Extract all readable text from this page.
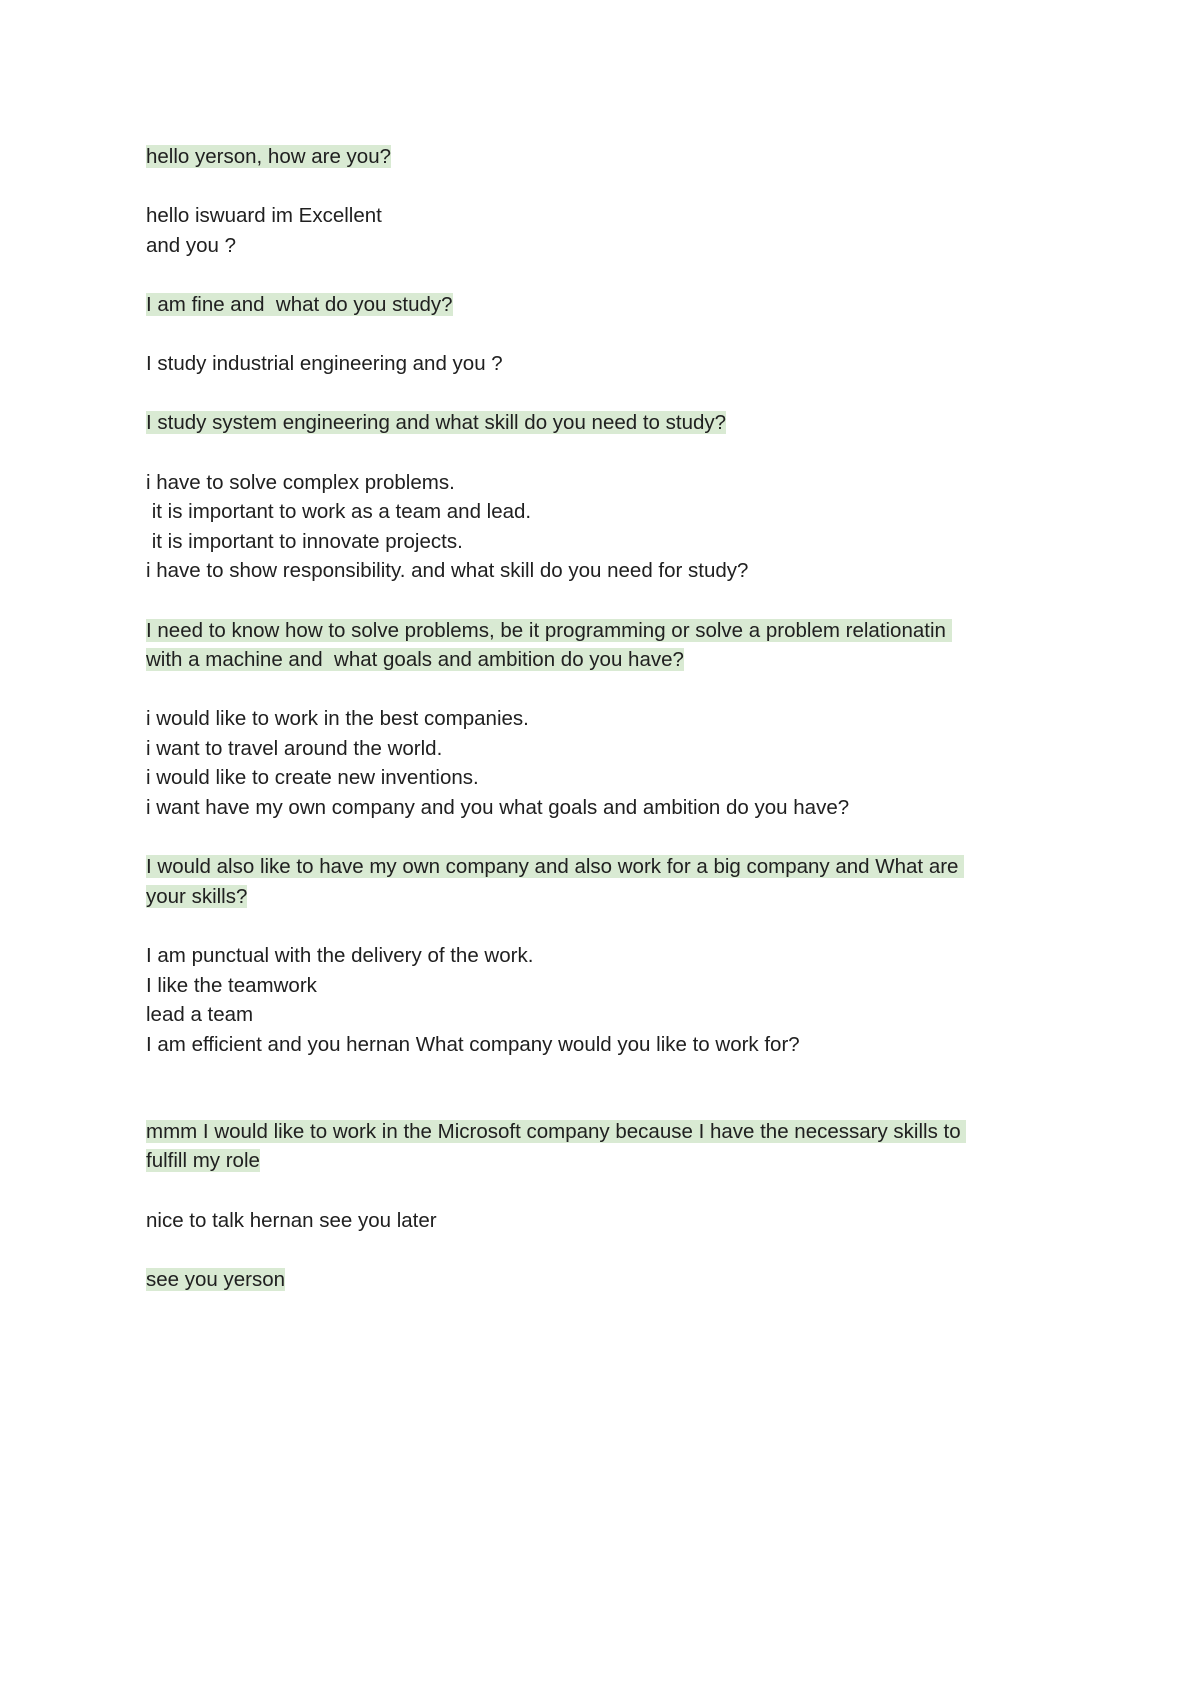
hello yerson, how are you?

hello iswuard im Excellent
and you ?

I am fine and  what do you study?

I study industrial engineering and you ?

I study system engineering and what skill do you need to study?

i have to solve complex problems.
it is important to work as a team and lead.
it is important to innovate projects.
i have to show responsibility. and what skill do you need for study?

I need to know how to solve problems, be it programming or solve a problem relationatin
with a machine and  what goals and ambition do you have?

i would like to work in the best companies.
i want to travel around the world.
i would like to create new inventions.
i want have my own company and you what goals and ambition do you have?

I would also like to have my own company and also work for a big company and What are
your skills?

I am punctual with the delivery of the work.
I like the teamwork
lead a team
I am efficient and you hernan What company would you like to work for?

mmm I would like to work in the Microsoft company because I have the necessary skills to
fulfill my role

nice to talk hernan see you later

see you yerson
